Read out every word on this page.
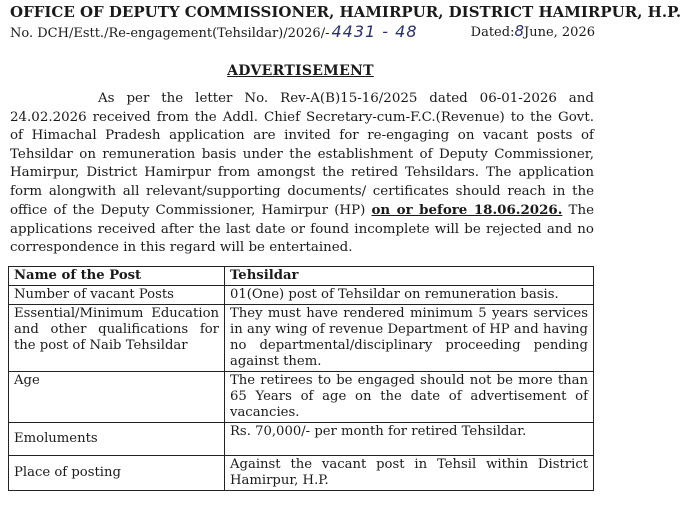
OFFICE OF DEPUTY COMMISSIONER, HAMIRPUR, DISTRICT HAMIRPUR, H.P.
No. DCH/Estt./Re-engagement(Tehsildar)/2026/- 4431 - 48	Dated:8June, 2026
ADVERTISEMENT
As per the letter No. Rev-A(B)15-16/2025 dated 06-01-2026 and 24.02.2026 received from the Addl. Chief Secretary-cum-F.C.(Revenue) to the Govt. of Himachal Pradesh application are invited for re-engaging on vacant posts of Tehsildar on remuneration basis under the establishment of Deputy Commissioner, Hamirpur, District Hamirpur from amongst the retired Tehsildars. The application form alongwith all relevant/supporting documents/ certificates should reach in the office of the Deputy Commissioner, Hamirpur (HP) on or before 18.06.2026. The applications received after the last date or found incomplete will be rejected and no correspondence in this regard will be entertained.
Name of the Post	Tehsildar
Number of vacant Posts	01(One) post of Tehsildar on remuneration basis.
Essential/Minimum Education and other qualifications for the post of Naib Tehsildar	They must have rendered minimum 5 years services in any wing of revenue Department of HP and having no departmental/disciplinary proceeding pending against them.
Age	The retirees to be engaged should not be more than 65 Years of age on the date of advertisement of vacancies.
Emoluments	Rs. 70,000/- per month for retired Tehsildar.
Place of posting	Against the vacant post in Tehsil within District Hamirpur, H.P.
